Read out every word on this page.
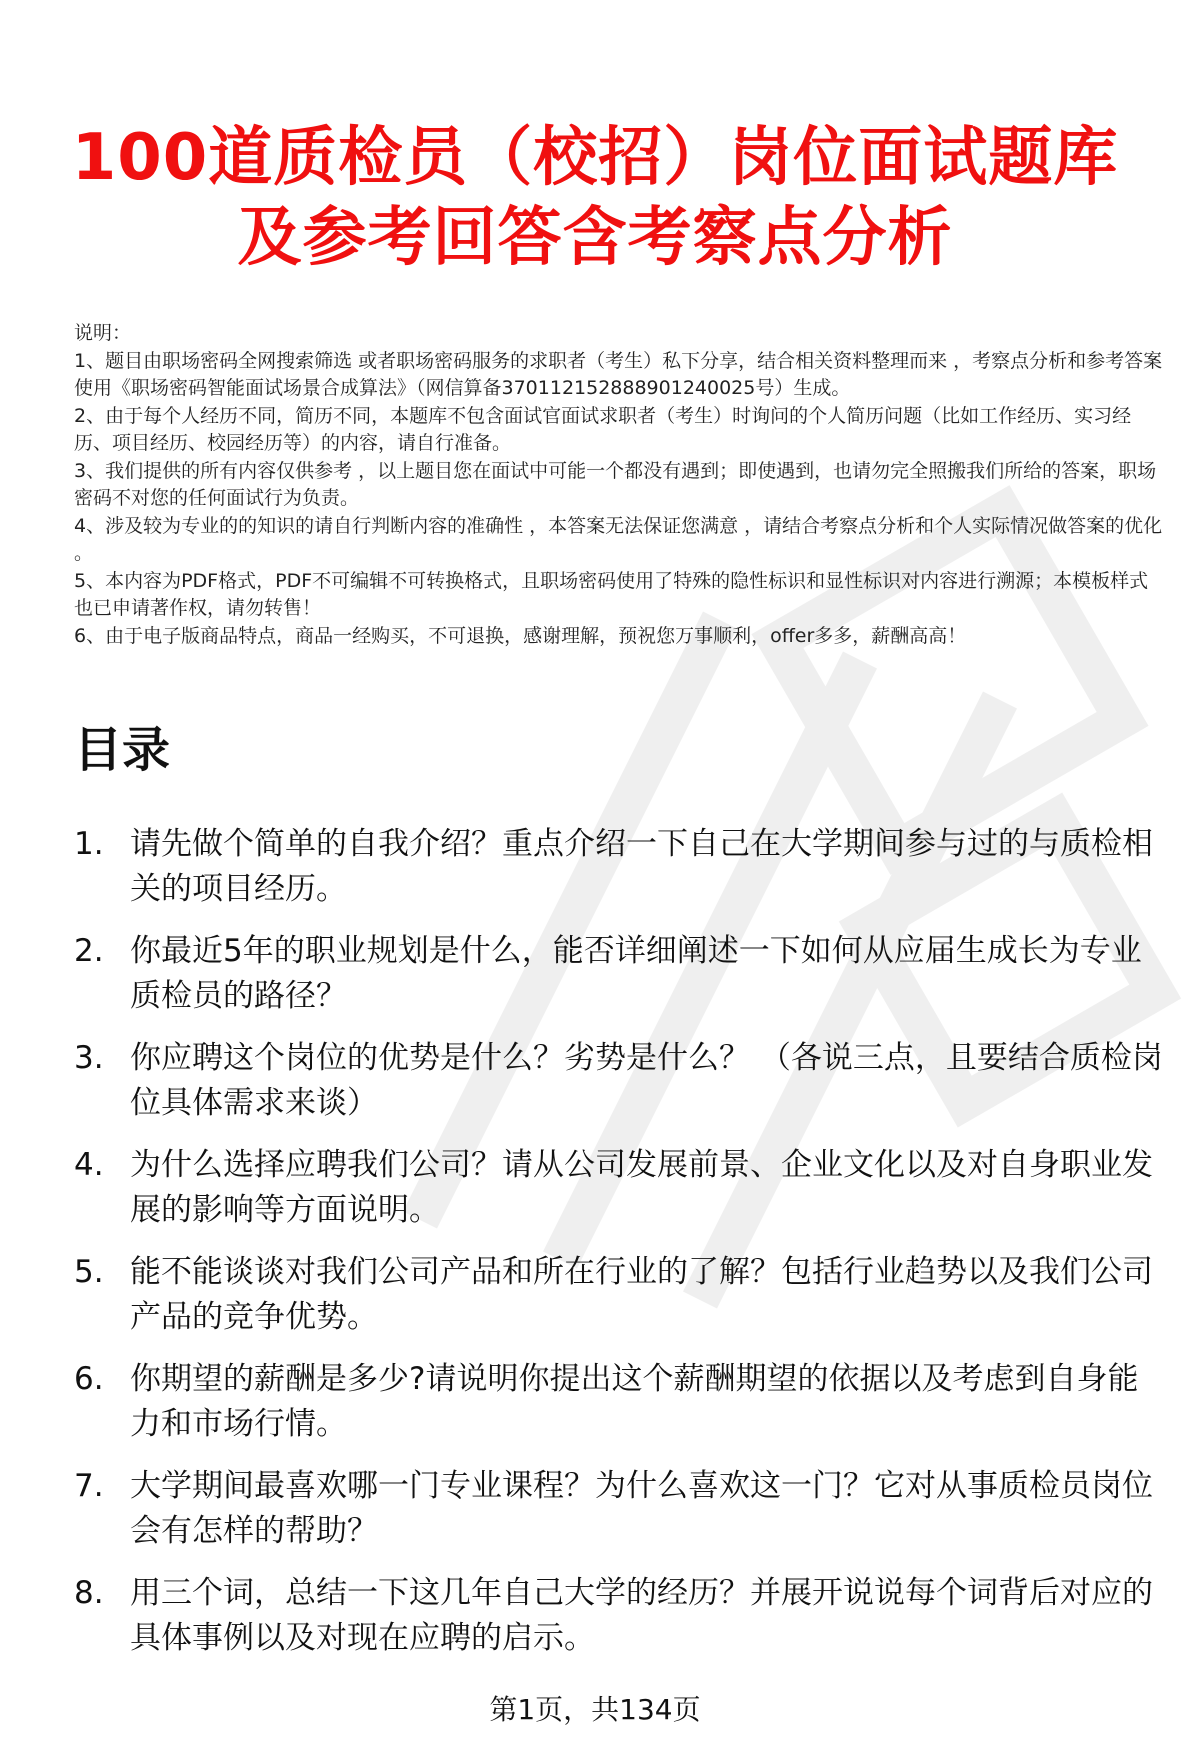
100道质检员（校招）岗位面试题库
及参考回答含考察点分析

说明：

1、题目由职场密码全网搜索筛选 或者职场密码服务的求职者（考生）私下分享，结合相关资料整理而来 ，考察点分析和参考答案使用《职场密码智能面试场景合成算法》（网信算备370112152888901240025号）生成。

2、由于每个人经历不同，简历不同，本题库不包含面试官面试求职者（考生）时询问的个人简历问题（比如工作经历、实习经历、项目经历、校园经历等）的内容，请自行准备。

3、我们提供的所有内容仅供参考 ，以上题目您在面试中可能一个都没有遇到；即使遇到，也请勿完全照搬我们所给的答案，职场密码不对您的任何面试行为负责。

4、涉及较为专业的的知识的请自行判断内容的准确性 ，本答案无法保证您满意 ，请结合考察点分析和个人实际情况做答案的优化 。

5、本内容为PDF格式，PDF不可编辑不可转换格式，且职场密码使用了特殊的隐性标识和显性标识对内容进行溯源；本模板样式也已申请著作权，请勿转售！

6、由于电子版商品特点，商品一经购买，不可退换，感谢理解，预祝您万事顺利，offer多多，薪酬高高！

目录
1. 请先做个简单的自我介绍？重点介绍一下自己在大学期间参与过的与质检相关的项目经历。
2. 你最近5年的职业规划是什么，能否详细阐述一下如何从应届生成长为专业质检员的路径？
3. 你应聘这个岗位的优势是什么？劣势是什么？ （各说三点，且要结合质检岗位具体需求来谈）
4. 为什么选择应聘我们公司？请从公司发展前景、企业文化以及对自身职业发展的影响等方面说明。
5. 能不能谈谈对我们公司产品和所在行业的了解？包括行业趋势以及我们公司产品的竞争优势。
6. 你期望的薪酬是多少?请说明你提出这个薪酬期望的依据以及考虑到自身能力和市场行情。
7. 大学期间最喜欢哪一门专业课程？为什么喜欢这一门？它对从事质检员岗位会有怎样的帮助？
8. 用三个词，总结一下这几年自己大学的经历？并展开说说每个词背后对应的具体事例以及对现在应聘的启示。
第1页，共134页
